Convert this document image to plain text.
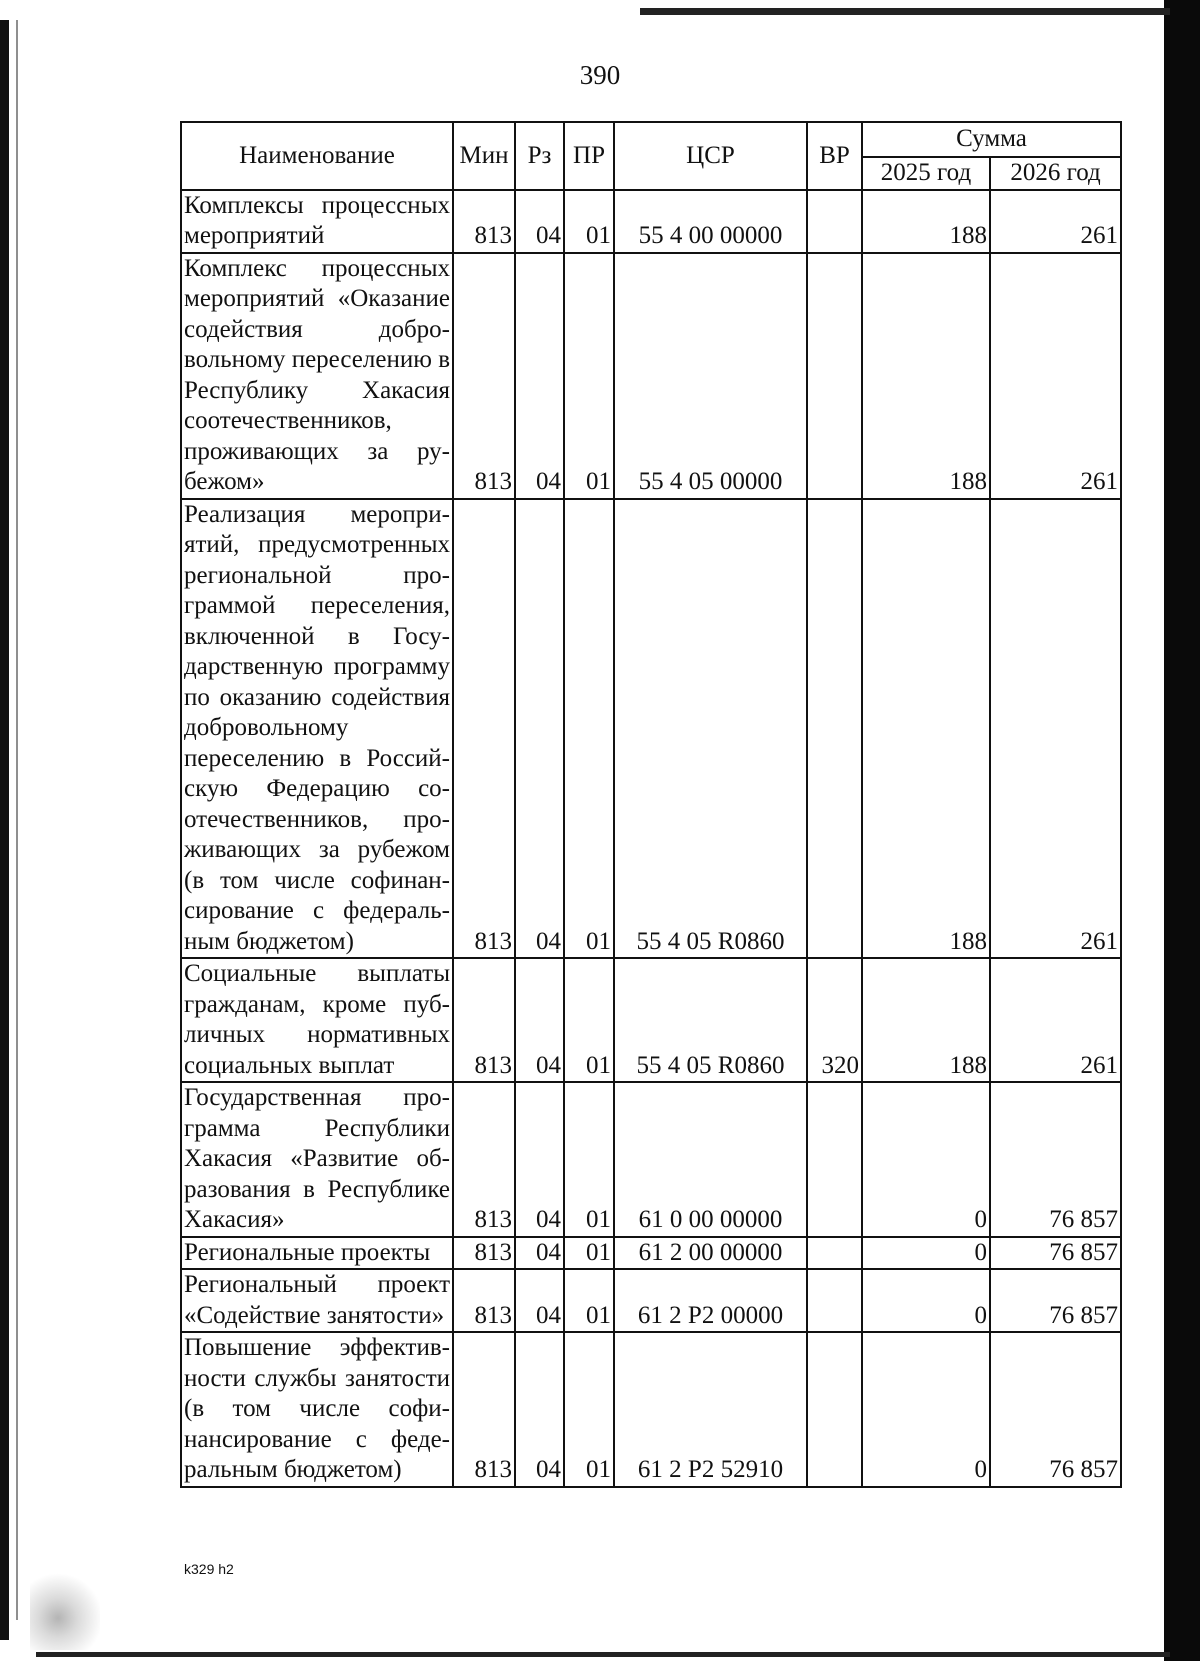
390
Наименование	Мин	Рз	ПР	ЦСР	ВР	Сумма	
						2025 год	2026 год
Комплексы процессных мероприятий	813	04	01	55 4 00 00000		188	261
Комплекс процессных мероприятий «Оказание содействия добровольному переселению в Республику Хакасия соотечественников, проживающих за рубежом»	813	04	01	55 4 05 00000		188	261
Реализация мероприятий, предусмотренных региональной программой переселения, включенной в Государственную программу по оказанию содействия добровольному переселению в Российскую Федерацию соотечественников, проживающих за рубежом (в том числе софинансирование с федеральным бюджетом)	813	04	01	55 4 05 R0860		188	261
Социальные выплаты гражданам, кроме публичных нормативных социальных выплат	813	04	01	55 4 05 R0860	320	188	261
Государственная программа Республики Хакасия «Развитие образования в Республике Хакасия»	813	04	01	61 0 00 00000		0	76 857
Региональные проекты	813	04	01	61 2 00 00000		0	76 857
Региональный проект «Содействие занятости»	813	04	01	61 2 Р2 00000		0	76 857
Повышение эффективности службы занятости (в том числе софинансирование с федеральным бюджетом)	813	04	01	61 2 Р2 52910		0	76 857
k329 h2
